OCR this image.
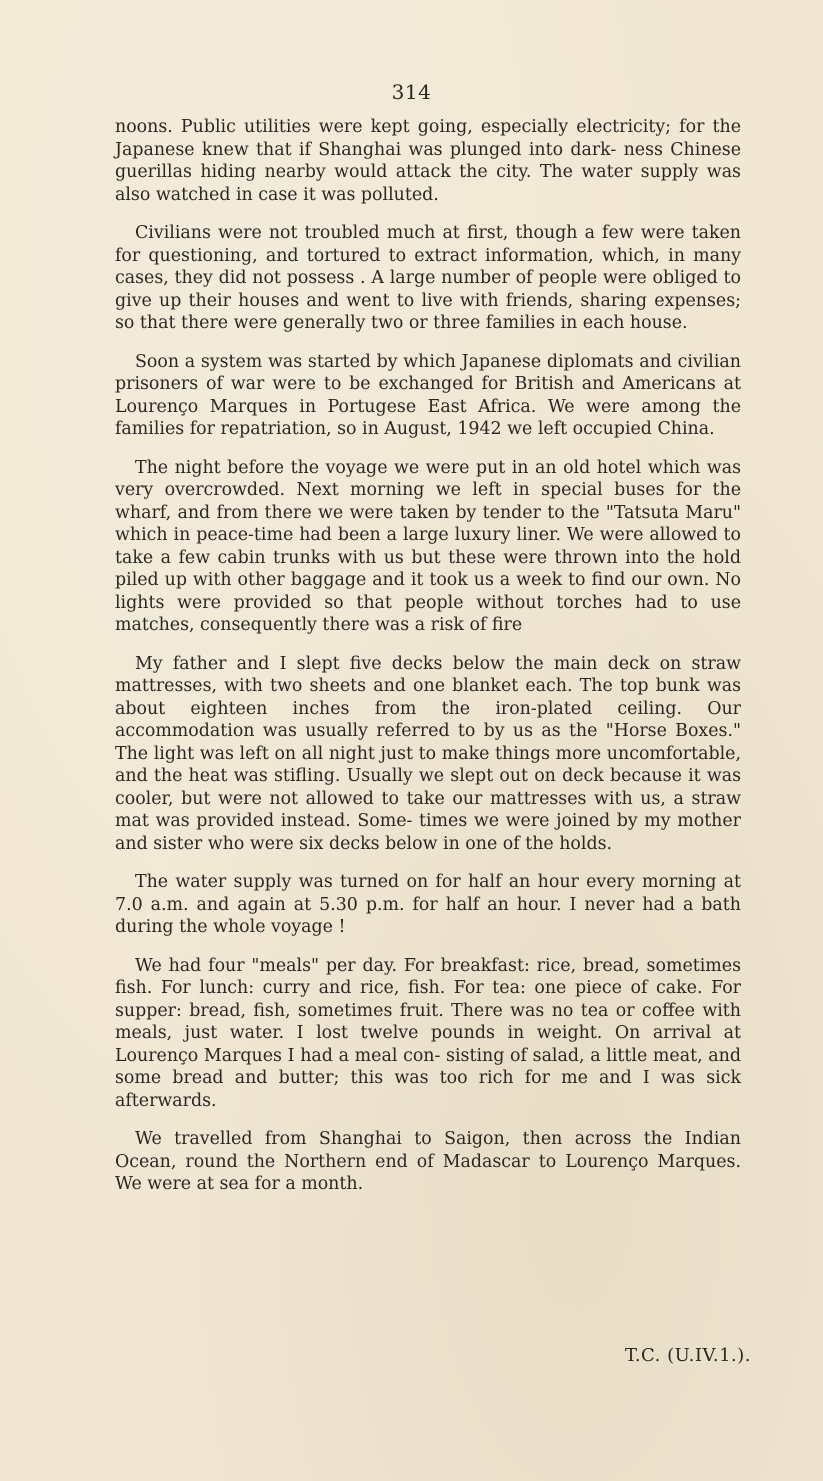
314

noons. Public utilities were kept going, especially electricity; for the Japanese knew that if Shanghai was plunged into dark- ness Chinese guerillas hiding nearby would attack the city. The water supply was also watched in case it was polluted.

Civilians were not troubled much at first, though a few were taken for questioning, and tortured to extract information, which, in many cases, they did not possess . A large number of people were obliged to give up their houses and went to live with friends, sharing expenses; so that there were generally two or three families in each house.

Soon a system was started by which Japanese diplomats and civilian prisoners of war were to be exchanged for British and Americans at Lourenço Marques in Portugese East Africa. We were among the families for repatriation, so in August, 1942 we left occupied China.

The night before the voyage we were put in an old hotel which was very overcrowded. Next morning we left in special buses for the wharf, and from there we were taken by tender to the "Tatsuta Maru" which in peace-time had been a large luxury liner. We were allowed to take a few cabin trunks with us but these were thrown into the hold piled up with other baggage and it took us a week to find our own. No lights were provided so that people without torches had to use matches, consequently there was a risk of fire

My father and I slept five decks below the main deck on straw mattresses, with two sheets and one blanket each. The top bunk was about eighteen inches from the iron-plated ceiling. Our accommodation was usually referred to by us as the "Horse Boxes." The light was left on all night just to make things more uncomfortable, and the heat was stifling. Usually we slept out on deck because it was cooler, but were not allowed to take our mattresses with us, a straw mat was provided instead. Some- times we were joined by my mother and sister who were six decks below in one of the holds.

The water supply was turned on for half an hour every morning at 7.0 a.m. and again at 5.30 p.m. for half an hour. I never had a bath during the whole voyage !

We had four "meals" per day. For breakfast: rice, bread, sometimes fish. For lunch: curry and rice, fish. For tea: one piece of cake. For supper: bread, fish, sometimes fruit. There was no tea or coffee with meals, just water. I lost twelve pounds in weight. On arrival at Lourenço Marques I had a meal con- sisting of salad, a little meat, and some bread and butter; this was too rich for me and I was sick afterwards.

We travelled from Shanghai to Saigon, then across the Indian Ocean, round the Northern end of Madascar to Lourenço Marques. We were at sea for a month.

T.C. (U.IV.1.).
